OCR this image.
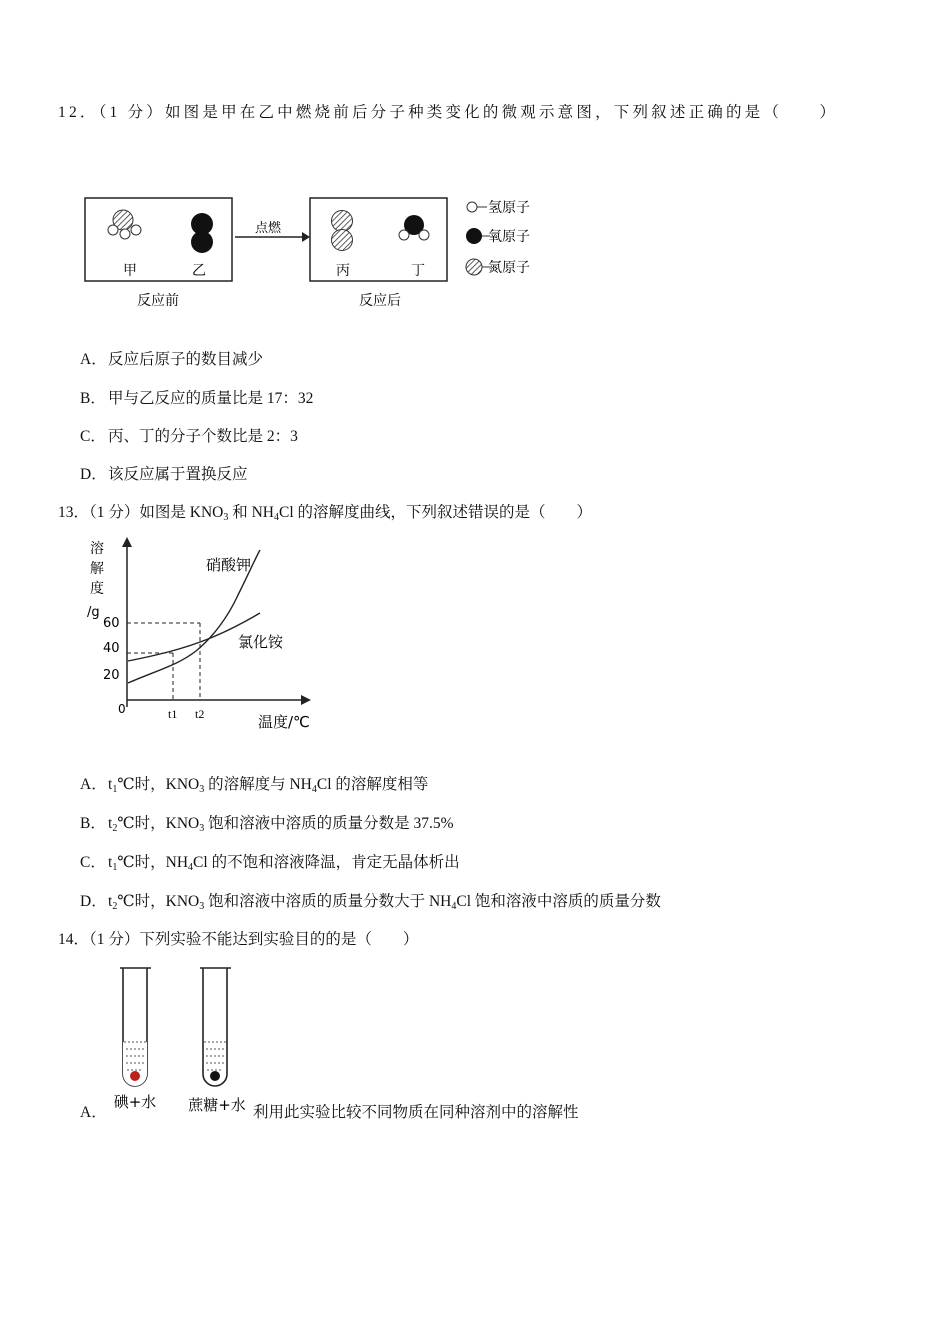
12．（1 分）如图是甲在乙中燃烧前后分子种类变化的微观示意图，下列叙述正确的是（　　）
甲	乙
点燃
丙	丁
反应前	反应后
氢原子
氧原子
氮原子
A．反应后原子的数目减少
B． 甲与乙反应的质量比是 17：32
C． 丙、丁的分子个数比是 2：3
D．该反应属于置换反应
13．（1 分）如图是 $KNO_3$ 和 $NH_4Cl$ 的溶解度曲线，下列叙述错误的是（　　）
溶
解
度
/g
60
40
20
0	t1 t2
硝酸钾
氯化铵
温度/℃
A．$t_1℃$时，$KNO_3$ 的溶解度与 $NH_4Cl$ 的溶解度相等
B． $t_2℃$时，$KNO_3$ 饱和溶液中溶质的质量分数是 37.5%
C． $t_1℃$时，$NH_4Cl$ 的不饱和溶液降温，肯定无晶体析出
D．$t_2℃$时，$KNO_3$ 饱和溶液中溶质的质量分数大于 $NH_4Cl$ 饱和溶液中溶质的质量分数
14．（1 分）下列实验不能达到实验目的的是（　　）
A．
碘+水 蔗糖+水 利用此实验比较不同物质在同种溶剂中的溶解性
